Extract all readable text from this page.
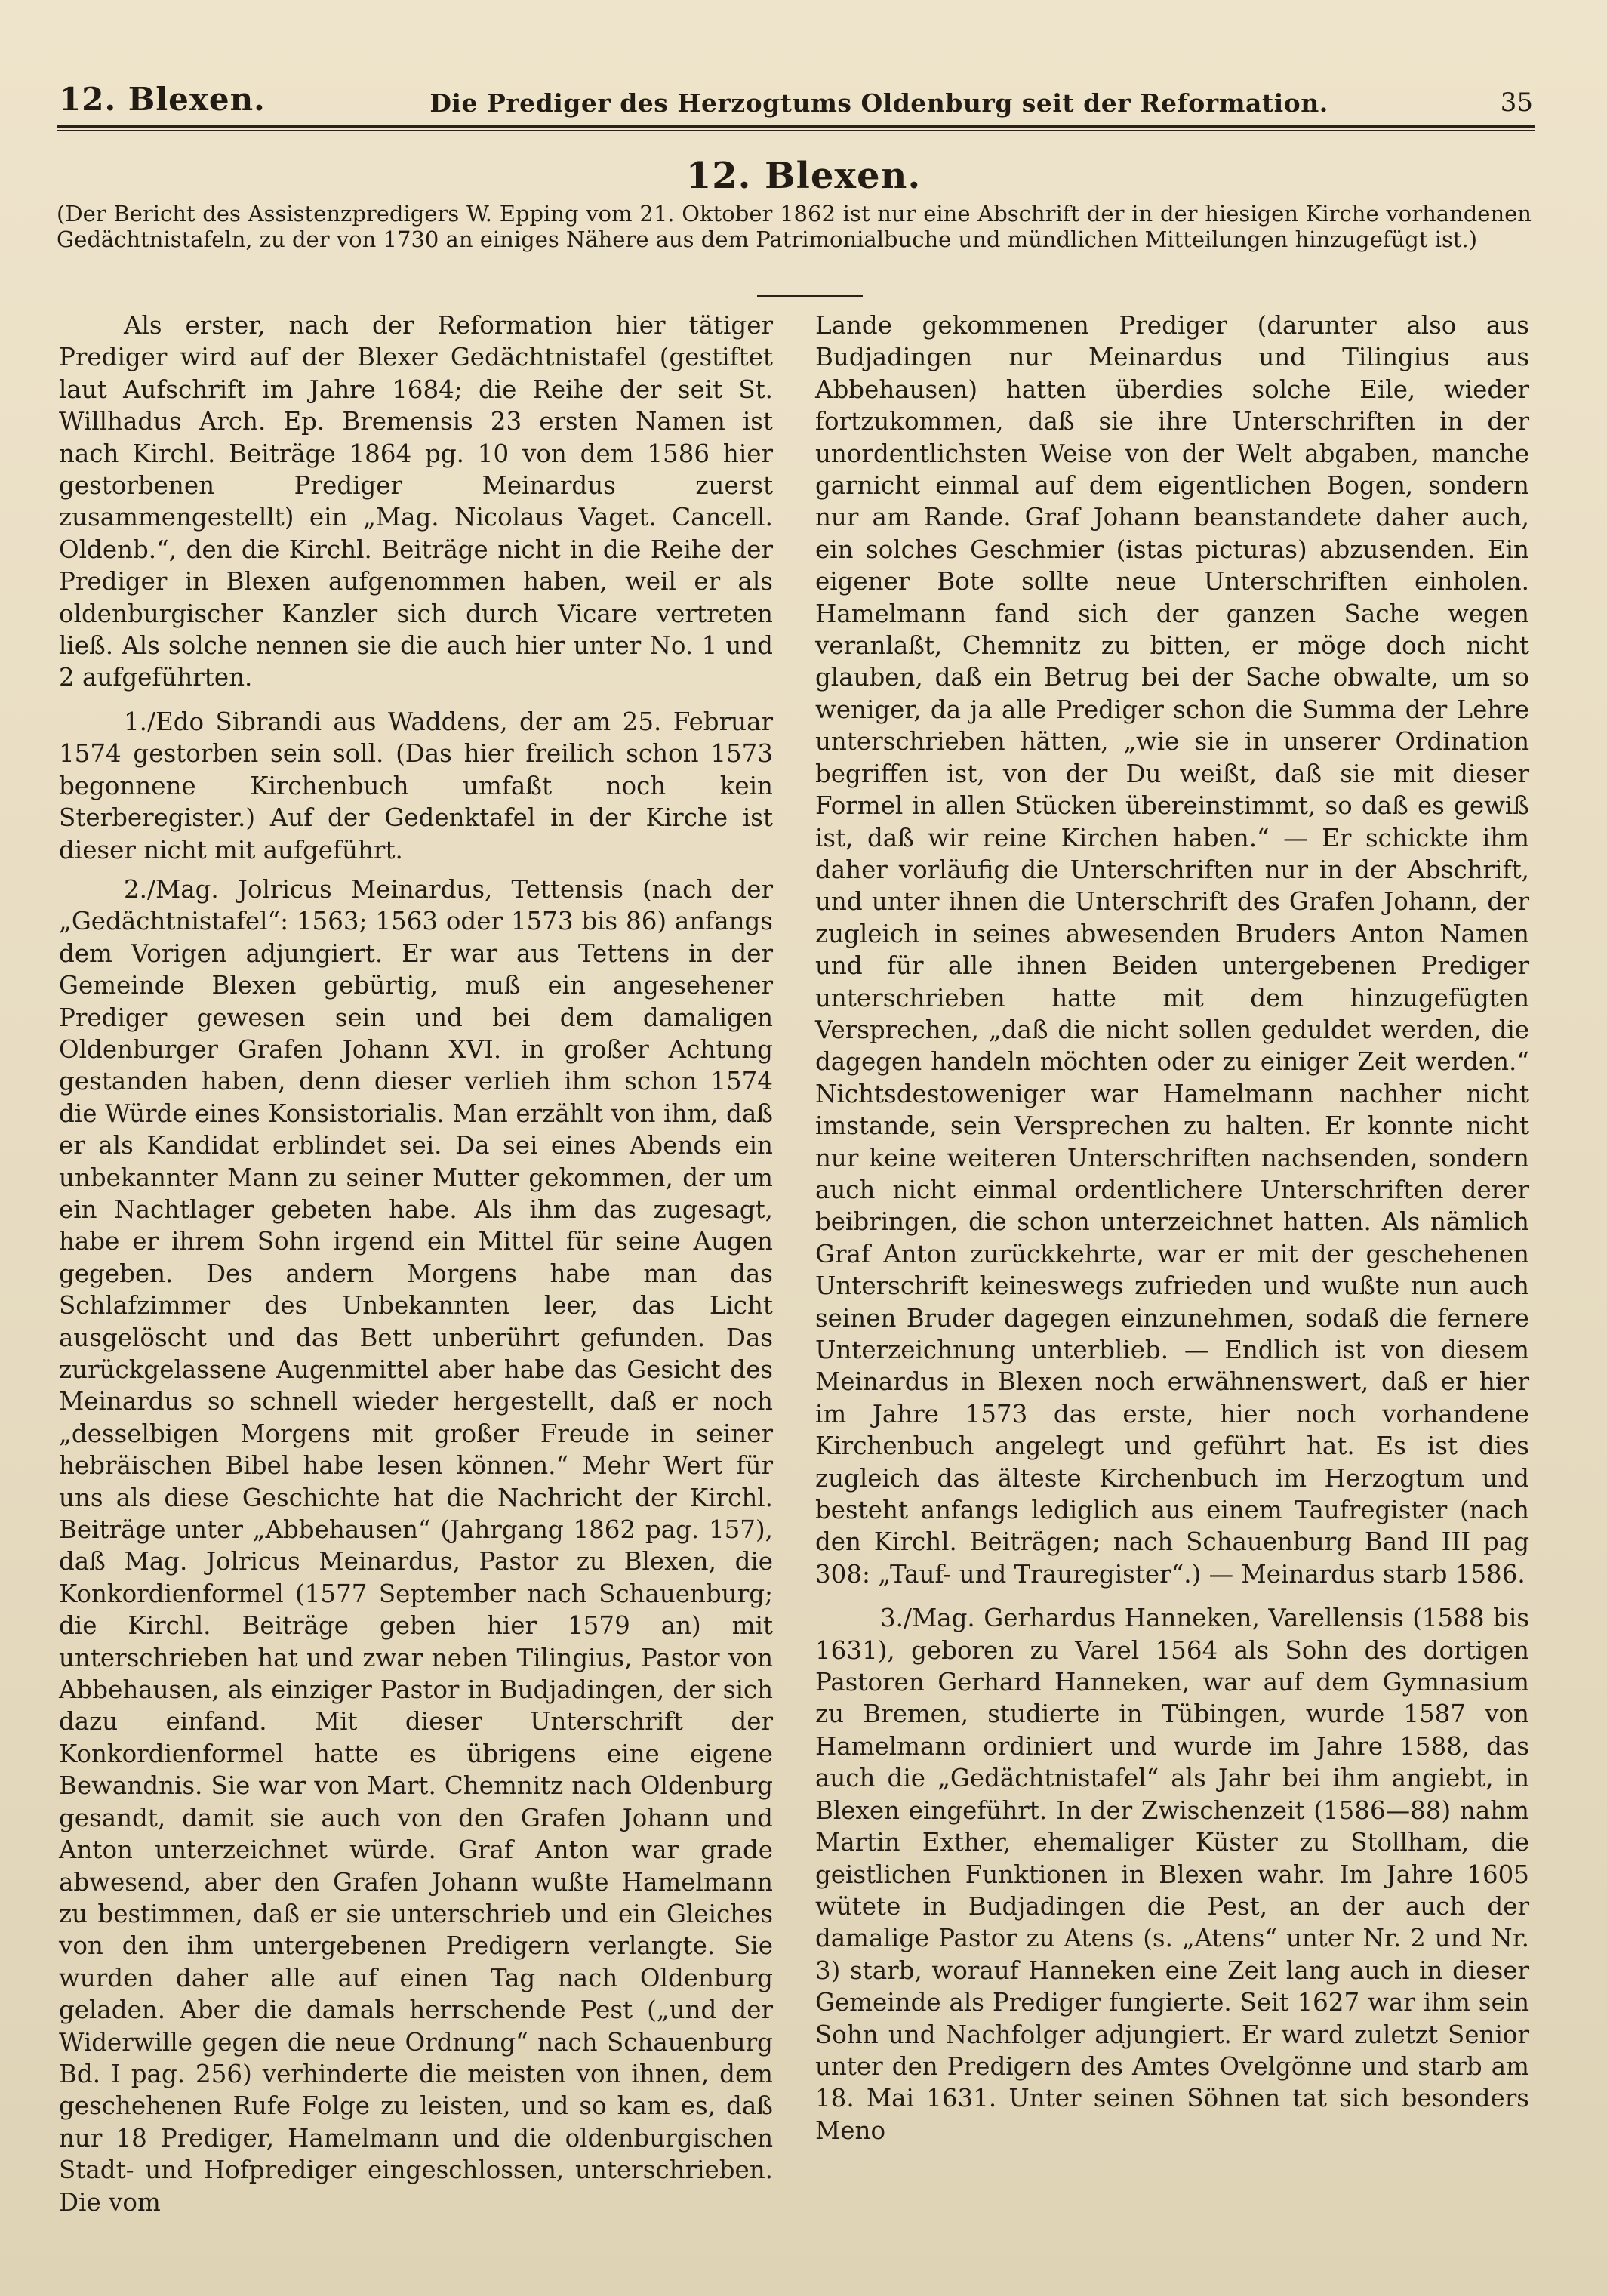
12. Blexen.	Die Prediger des Herzogtums Oldenburg seit der Reformation.	35
12. Blexen.
(Der Bericht des Assistenzpredigers W. Epping vom 21. Oktober 1862 ist nur eine Abschrift der in der hiesigen Kirche vorhandenen Gedächtnistafeln, zu der von 1730 an einiges Nähere aus dem Patrimonialbuche und mündlichen Mitteilungen hinzugefügt ist.)

Als erster, nach der Reformation hier tätiger Prediger wird auf der Blexer Gedächtnistafel (gestiftet laut Aufschrift im Jahre 1684; die Reihe der seit St. Willhadus Arch. Ep. Bremensis 23 ersten Namen ist nach Kirchl. Beiträge 1864 pg. 10 von dem 1586 hier gestorbenen Prediger Meinardus zuerst zusammengestellt) ein „Mag. Nicolaus Vaget. Cancell. Oldenb.“, den die Kirchl. Beiträge nicht in die Reihe der Prediger in Blexen aufgenommen haben, weil er als oldenburgischer Kanzler sich durch Vicare vertreten ließ. Als solche nennen sie die auch hier unter No. 1 und 2 aufgeführten.

1./Edo Sibrandi aus Waddens, der am 25. Februar 1574 gestorben sein soll. (Das hier freilich schon 1573 begonnene Kirchenbuch umfaßt noch kein Sterberegister.) Auf der Gedenktafel in der Kirche ist dieser nicht mit aufgeführt.

2./Mag. Jolricus Meinardus, Tettensis (nach der „Gedächtnistafel“: 1563; 1563 oder 1573 bis 86) anfangs dem Vorigen adjungiert. Er war aus Tettens in der Gemeinde Blexen gebürtig, muß ein angesehener Prediger gewesen sein und bei dem damaligen Oldenburger Grafen Johann XVI. in großer Achtung gestanden haben, denn dieser verlieh ihm schon 1574 die Würde eines Konsistorialis. Man erzählt von ihm, daß er als Kandidat erblindet sei. Da sei eines Abends ein unbekannter Mann zu seiner Mutter gekommen, der um ein Nachtlager gebeten habe. Als ihm das zugesagt, habe er ihrem Sohn irgend ein Mittel für seine Augen gegeben. Des andern Morgens habe man das Schlafzimmer des Unbekannten leer, das Licht ausgelöscht und das Bett unberührt gefunden. Das zurückgelassene Augenmittel aber habe das Gesicht des Meinardus so schnell wieder hergestellt, daß er noch „desselbigen Morgens mit großer Freude in seiner hebräischen Bibel habe lesen können.“ Mehr Wert für uns als diese Geschichte hat die Nachricht der Kirchl. Beiträge unter „Abbehausen“ (Jahrgang 1862 pag. 157), daß Mag. Jolricus Meinardus, Pastor zu Blexen, die Konkordienformel (1577 September nach Schauenburg; die Kirchl. Beiträge geben hier 1579 an) mit unterschrieben hat und zwar neben Tilingius, Pastor von Abbehausen, als einziger Pastor in Budjadingen, der sich dazu einfand. Mit dieser Unterschrift der Konkordienformel hatte es übrigens eine eigene Bewandnis. Sie war von Mart. Chemnitz nach Oldenburg gesandt, damit sie auch von den Grafen Johann und Anton unterzeichnet würde. Graf Anton war grade abwesend, aber den Grafen Johann wußte Hamelmann zu bestimmen, daß er sie unterschrieb und ein Gleiches von den ihm untergebenen Predigern verlangte. Sie wurden daher alle auf einen Tag nach Oldenburg geladen. Aber die damals herrschende Pest („und der Widerwille gegen die neue Ordnung“ nach Schauenburg Bd. I pag. 256) verhinderte die meisten von ihnen, dem geschehenen Rufe Folge zu leisten, und so kam es, daß nur 18 Prediger, Hamelmann und die oldenburgischen Stadt- und Hofprediger eingeschlossen, unterschrieben. Die vom

Lande gekommenen Prediger (darunter also aus Budjadingen nur Meinardus und Tilingius aus Abbehausen) hatten überdies solche Eile, wieder fortzukommen, daß sie ihre Unterschriften in der unordentlichsten Weise von der Welt abgaben, manche garnicht einmal auf dem eigentlichen Bogen, sondern nur am Rande. Graf Johann beanstandete daher auch, ein solches Geschmier (istas picturas) abzusenden. Ein eigener Bote sollte neue Unterschriften einholen. Hamelmann fand sich der ganzen Sache wegen veranlaßt, Chemnitz zu bitten, er möge doch nicht glauben, daß ein Betrug bei der Sache obwalte, um so weniger, da ja alle Prediger schon die Summa der Lehre unterschrieben hätten, „wie sie in unserer Ordination begriffen ist, von der Du weißt, daß sie mit dieser Formel in allen Stücken übereinstimmt, so daß es gewiß ist, daß wir reine Kirchen haben.“ — Er schickte ihm daher vorläufig die Unterschriften nur in der Abschrift, und unter ihnen die Unterschrift des Grafen Johann, der zugleich in seines abwesenden Bruders Anton Namen und für alle ihnen Beiden untergebenen Prediger unterschrieben hatte mit dem hinzugefügten Versprechen, „daß die nicht sollen geduldet werden, die dagegen handeln möchten oder zu einiger Zeit werden.“ Nichtsdestoweniger war Hamelmann nachher nicht imstande, sein Versprechen zu halten. Er konnte nicht nur keine weiteren Unterschriften nachsenden, sondern auch nicht einmal ordentlichere Unterschriften derer beibringen, die schon unterzeichnet hatten. Als nämlich Graf Anton zurückkehrte, war er mit der geschehenen Unterschrift keineswegs zufrieden und wußte nun auch seinen Bruder dagegen einzunehmen, sodaß die fernere Unterzeichnung unterblieb. — Endlich ist von diesem Meinardus in Blexen noch erwähnenswert, daß er hier im Jahre 1573 das erste, hier noch vorhandene Kirchenbuch angelegt und geführt hat. Es ist dies zugleich das älteste Kirchenbuch im Herzogtum und besteht anfangs lediglich aus einem Taufregister (nach den Kirchl. Beiträgen; nach Schauenburg Band III pag 308: „Tauf- und Trauregister“.) — Meinardus starb 1586.

3./Mag. Gerhardus Hanneken, Varellensis (1588 bis 1631), geboren zu Varel 1564 als Sohn des dortigen Pastoren Gerhard Hanneken, war auf dem Gymnasium zu Bremen, studierte in Tübingen, wurde 1587 von Hamelmann ordiniert und wurde im Jahre 1588, das auch die „Gedächtnistafel“ als Jahr bei ihm angiebt, in Blexen eingeführt. In der Zwischenzeit (1586—88) nahm Martin Exther, ehemaliger Küster zu Stollham, die geistlichen Funktionen in Blexen wahr. Im Jahre 1605 wütete in Budjadingen die Pest, an der auch der damalige Pastor zu Atens (s. „Atens“ unter Nr. 2 und Nr. 3) starb, worauf Hanneken eine Zeit lang auch in dieser Gemeinde als Prediger fungierte. Seit 1627 war ihm sein Sohn und Nachfolger adjungiert. Er ward zuletzt Senior unter den Predigern des Amtes Ovelgönne und starb am 18. Mai 1631. Unter seinen Söhnen tat sich besonders Meno
